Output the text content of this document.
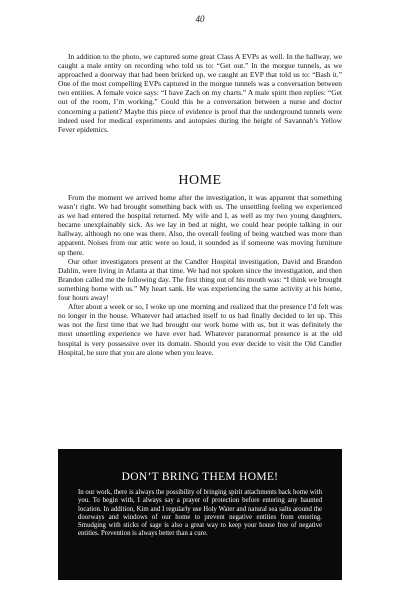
40

In addition to the photo, we captured some great Class A EVPs as well. In the hallway, we caught a male entity on recording who told us to: “Get out.” In the morgue tunnels, as we approached a doorway that had been bricked up, we caught an EVP that told us to: “Bash it.” One of the most compelling EVPs captured in the morgue tunnels was a conversation between two entities. A female voice says: “I have Zach on my charts.” A male spirit then replies: “Get out of the room, I’m working.” Could this be a conversation between a nurse and doctor concerning a patient? Maybe this piece of evidence is proof that the underground tunnels were indeed used for medical experiments and autopsies during the height of Savannah’s Yellow Fever epidemics.

HOME

From the moment we arrived home after the investigation, it was apparent that something wasn’t right. We had brought something back with us. The unsettling feeling we experienced as we had entered the hospital returned. My wife and I, as well as my two young daughters, became unexplainably sick. As we lay in bed at night, we could hear people talking in our hallway, although no one was there. Also, the overall feeling of being watched was more than apparent. Noises from our attic were so loud, it sounded as if someone was moving furniture up there.

Our other investigators present at the Candler Hospital investigation, David and Brandon Dahlin, were living in Atlanta at that time. We had not spoken since the investigation, and then Brandon called me the following day. The first thing out of his mouth was: “I think we brought something home with us.” My heart sank. He was experiencing the same activity at his home, four hours away!

After about a week or so, I woke up one morning and realized that the presence I’d felt was no longer in the house. Whatever had attached itself to us had finally decided to let up. This was not the first time that we had brought our work home with us, but it was definitely the most unsettling experience we have ever had. Whatever paranormal presence is at the old hospital is very possessive over its domain. Should you ever decide to visit the Old Candler Hospital, be sure that you are alone when you leave.

DON’T BRING THEM HOME!

In our work, there is always the possibility of bringing spirit attachments back home with you. To begin with, I always say a prayer of protection before entering any haunted location. In addition, Kim and I regularly use Holy Water and natural sea salts around the doorways and windows of our home to prevent negative entities from entering. Smudging with sticks of sage is also a great way to keep your house free of negative entities. Prevention is always better than a cure.
